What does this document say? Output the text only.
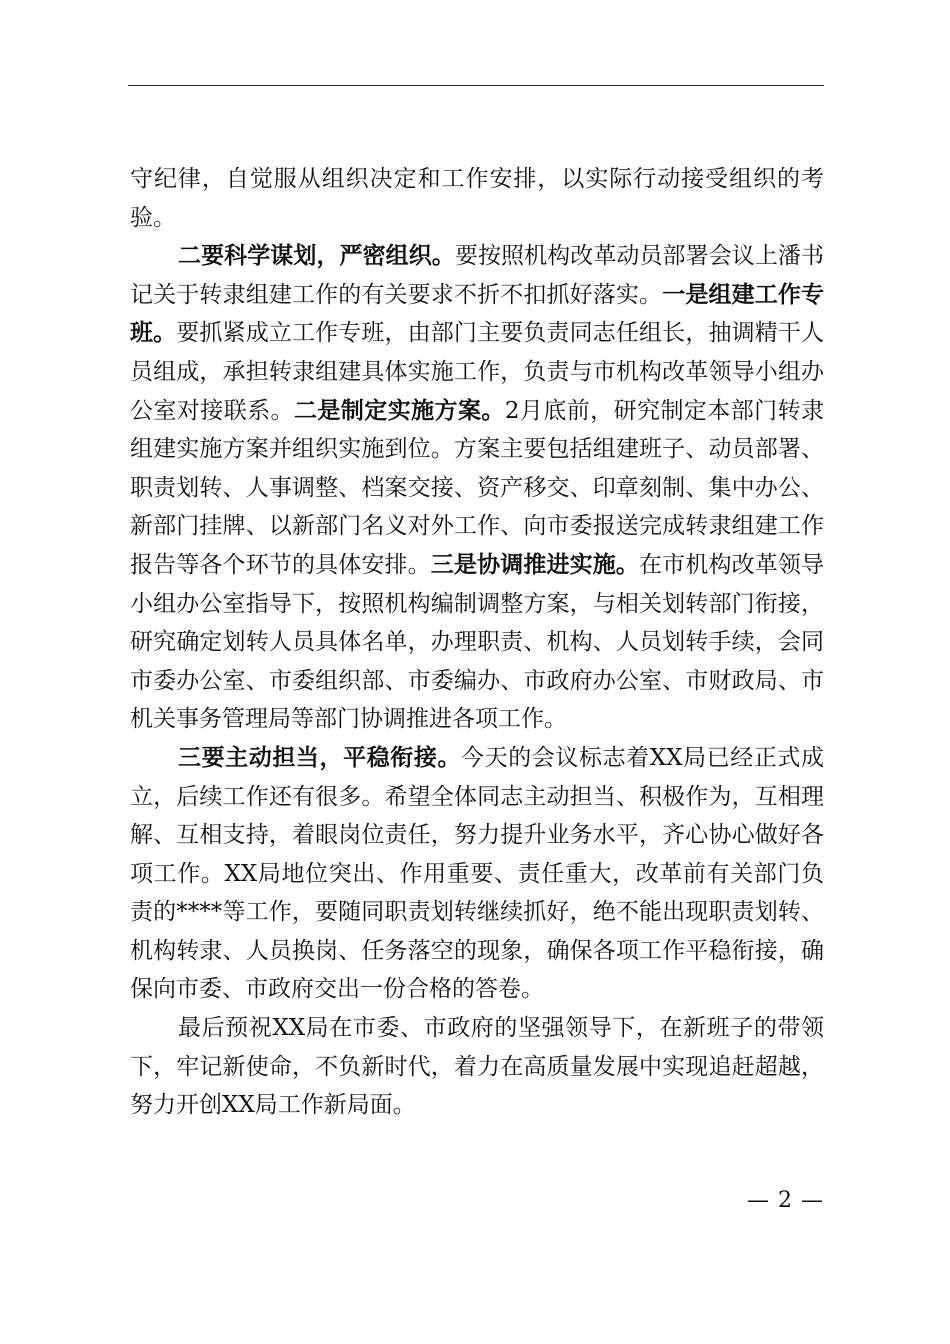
守纪律，自觉服从组织决定和工作安排，以实际行动接受组织的考验。

二要科学谋划，严密组织。要按照机构改革动员部署会议上潘书记关于转隶组建工作的有关要求不折不扣抓好落实。一是组建工作专班。要抓紧成立工作专班，由部门主要负责同志任组长，抽调精干人员组成，承担转隶组建具体实施工作，负责与市机构改革领导小组办公室对接联系。二是制定实施方案。2月底前，研究制定本部门转隶组建实施方案并组织实施到位。方案主要包括组建班子、动员部署、职责划转、人事调整、档案交接、资产移交、印章刻制、集中办公、新部门挂牌、以新部门名义对外工作、向市委报送完成转隶组建工作报告等各个环节的具体安排。三是协调推进实施。在市机构改革领导小组办公室指导下，按照机构编制调整方案，与相关划转部门衔接，研究确定划转人员具体名单，办理职责、机构、人员划转手续，会同市委办公室、市委组织部、市委编办、市政府办公室、市财政局、市机关事务管理局等部门协调推进各项工作。

三要主动担当，平稳衔接。今天的会议标志着XX局已经正式成立，后续工作还有很多。希望全体同志主动担当、积极作为，互相理解、互相支持，着眼岗位责任，努力提升业务水平，齐心协心做好各项工作。XX局地位突出、作用重要、责任重大，改革前有关部门负责的****等工作，要随同职责划转继续抓好，绝不能出现职责划转、机构转隶、人员换岗、任务落空的现象，确保各项工作平稳衔接，确保向市委、市政府交出一份合格的答卷。

最后预祝XX局在市委、市政府的坚强领导下，在新班子的带领下，牢记新使命，不负新时代，着力在高质量发展中实现追赶超越，努力开创XX局工作新局面。

— 2 —
